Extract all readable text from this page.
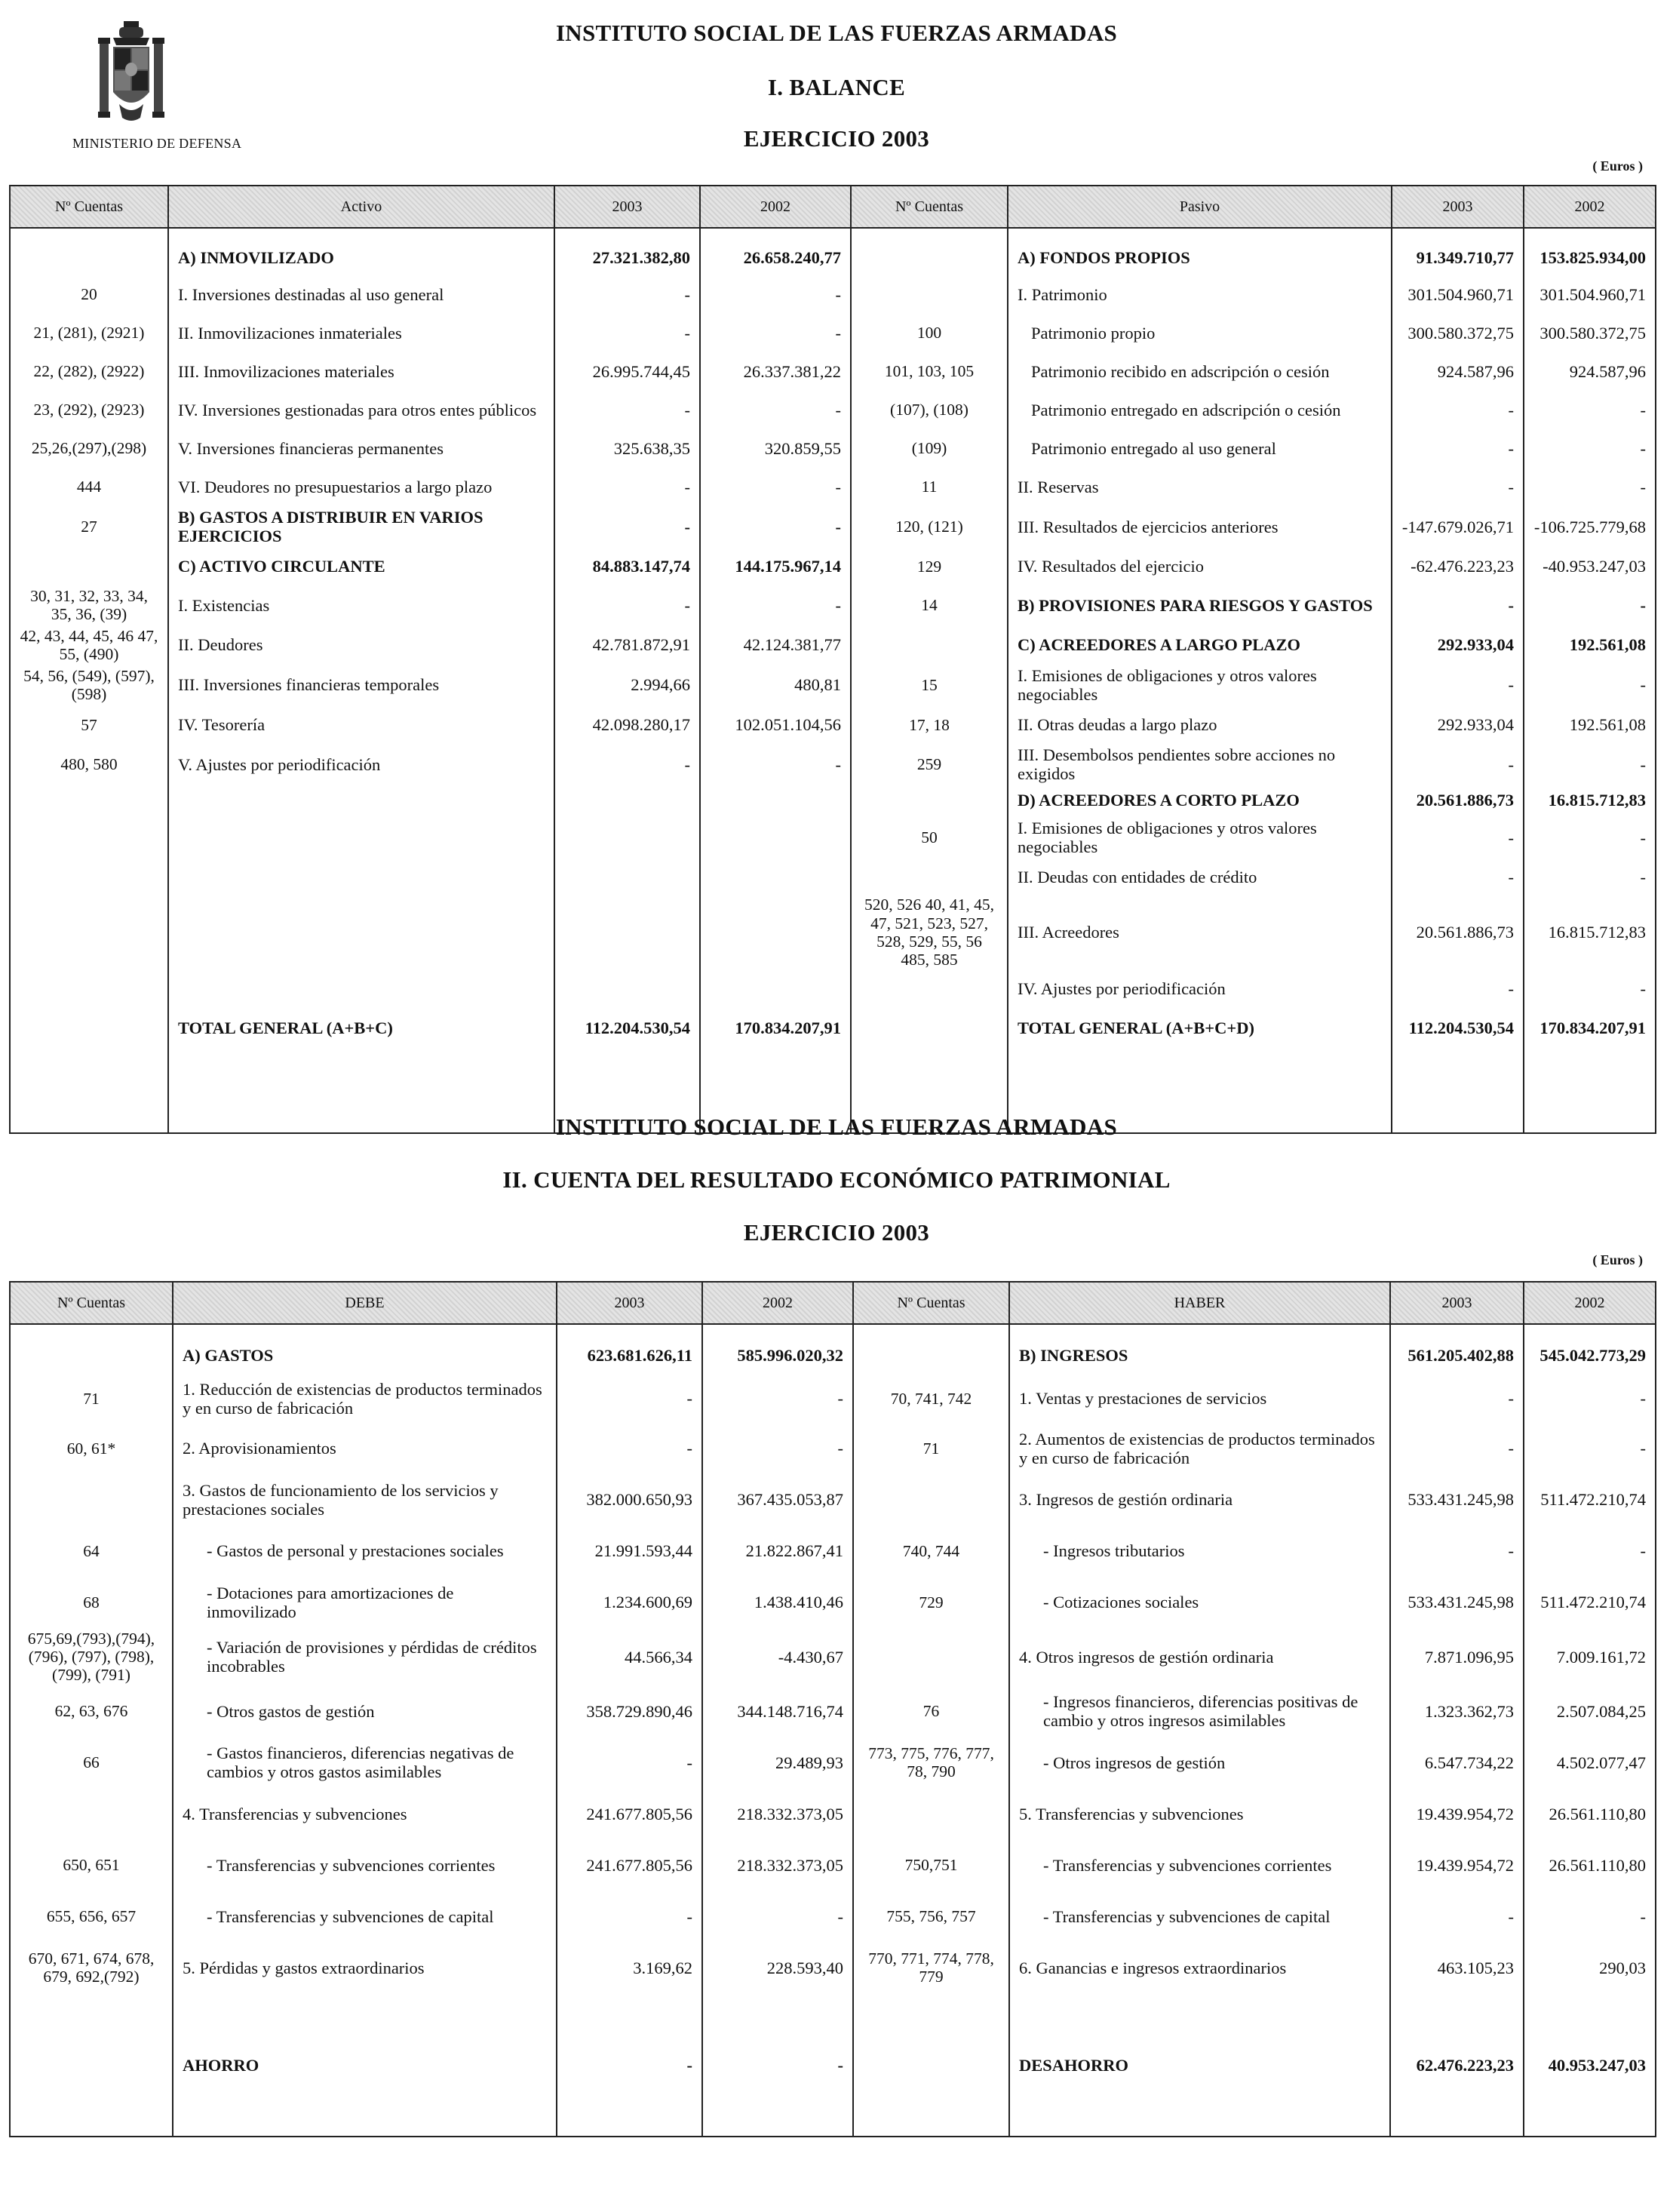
MINISTERIO DE DEFENSA
INSTITUTO SOCIAL DE LAS FUERZAS ARMADAS
I. BALANCE
EJERCICIO 2003
( Euros )
Nº Cuentas	Activo	2003	2002	Nº Cuentas	Pasivo	2003	2002

	A) INMOVILIZADO	27.321.382,80	26.658.240,77		A) FONDOS PROPIOS	91.349.710,77	153.825.934,00
20	I. Inversiones destinadas al uso general	-	-		I. Patrimonio	301.504.960,71	301.504.960,71
21, (281), (2921)	II. Inmovilizaciones inmateriales	-	-	100	Patrimonio propio	300.580.372,75	300.580.372,75
22, (282), (2922)	III. Inmovilizaciones materiales	26.995.744,45	26.337.381,22	101, 103, 105	Patrimonio recibido en adscripción o cesión	924.587,96	924.587,96
23, (292), (2923)	IV. Inversiones gestionadas para otros entes públicos	-	-	(107), (108)	Patrimonio entregado en adscripción o cesión	-	-
25,26,(297),(298)	V. Inversiones financieras permanentes	325.638,35	320.859,55	(109)	Patrimonio entregado al uso general	-	-
444	VI. Deudores no presupuestarios a largo plazo	-	-	11	II. Reservas	-	-
27	B) GASTOS A DISTRIBUIR EN VARIOS EJERCICIOS	-	-	120, (121)	III. Resultados de ejercicios anteriores	-147.679.026,71	-106.725.779,68
	C) ACTIVO CIRCULANTE	84.883.147,74	144.175.967,14	129	IV. Resultados del ejercicio	-62.476.223,23	-40.953.247,03
30, 31, 32, 33, 34, 35, 36, (39)	I. Existencias	-	-	14	B) PROVISIONES PARA RIESGOS Y GASTOS	-	-
42, 43, 44, 45, 46 47, 55, (490)	II. Deudores	42.781.872,91	42.124.381,77		C) ACREEDORES A LARGO PLAZO	292.933,04	192.561,08
54, 56, (549), (597), (598)	III. Inversiones financieras temporales	2.994,66	480,81	15	I. Emisiones de obligaciones y otros valores negociables	-	-
57	IV. Tesorería	42.098.280,17	102.051.104,56	17, 18	II. Otras deudas a largo plazo	292.933,04	192.561,08
480, 580	V. Ajustes por periodificación	-	-	259	III. Desembolsos pendientes sobre acciones no exigidos	-	-
					D) ACREEDORES A CORTO PLAZO	20.561.886,73	16.815.712,83
				50	I. Emisiones de obligaciones y otros valores negociables	-	-
					II. Deudas con entidades de crédito	-	-
				520, 526 40, 41, 45, 47, 521, 523, 527, 528, 529, 55, 56 485, 585	III. Acreedores	20.561.886,73	16.815.712,83
					IV. Ajustes por periodificación	-	-
	TOTAL GENERAL (A+B+C)	112.204.530,54	170.834.207,91		TOTAL GENERAL (A+B+C+D)	112.204.530,54	170.834.207,91

INSTITUTO SOCIAL DE LAS FUERZAS ARMADAS
II. CUENTA DEL RESULTADO ECONÓMICO PATRIMONIAL
EJERCICIO 2003
( Euros )
Nº Cuentas	DEBE	2003	2002	Nº Cuentas	HABER	2003	2002

	A) GASTOS	623.681.626,11	585.996.020,32		B) INGRESOS	561.205.402,88	545.042.773,29
71	1. Reducción de existencias de productos terminados y en curso de fabricación	-	-	70, 741, 742	1. Ventas y prestaciones de servicios	-	-
60, 61*	2. Aprovisionamientos	-	-	71	2. Aumentos de existencias de productos terminados y en curso de fabricación	-	-
	3. Gastos de funcionamiento de los servicios y prestaciones sociales	382.000.650,93	367.435.053,87		3. Ingresos de gestión ordinaria	533.431.245,98	511.472.210,74
64	- Gastos de personal y prestaciones sociales	21.991.593,44	21.822.867,41	740, 744	- Ingresos tributarios	-	-
68	- Dotaciones para amortizaciones de inmovilizado	1.234.600,69	1.438.410,46	729	- Cotizaciones sociales	533.431.245,98	511.472.210,74
675,69,(793),(794), (796), (797), (798), (799), (791)	- Variación de provisiones y pérdidas de créditos incobrables	44.566,34	-4.430,67		4. Otros ingresos de gestión ordinaria	7.871.096,95	7.009.161,72
62, 63, 676	- Otros gastos de gestión	358.729.890,46	344.148.716,74	76	- Ingresos financieros, diferencias positivas de cambio y otros ingresos asimilables	1.323.362,73	2.507.084,25
66	- Gastos financieros, diferencias negativas de cambios y otros gastos asimilables	-	29.489,93	773, 775, 776, 777, 78, 790	- Otros ingresos de gestión	6.547.734,22	4.502.077,47
	4. Transferencias y subvenciones	241.677.805,56	218.332.373,05		5. Transferencias y subvenciones	19.439.954,72	26.561.110,80
650, 651	- Transferencias y subvenciones corrientes	241.677.805,56	218.332.373,05	750,751	- Transferencias y subvenciones corrientes	19.439.954,72	26.561.110,80
655, 656, 657	- Transferencias y subvenciones de capital	-	-	755, 756, 757	- Transferencias y subvenciones de capital	-	-
670, 671, 674, 678, 679, 692,(792)	5. Pérdidas y gastos extraordinarios	3.169,62	228.593,40	770, 771, 774, 778, 779	6. Ganancias e ingresos extraordinarios	463.105,23	290,03

	AHORRO	-	-		DESAHORRO	62.476.223,23	40.953.247,03
